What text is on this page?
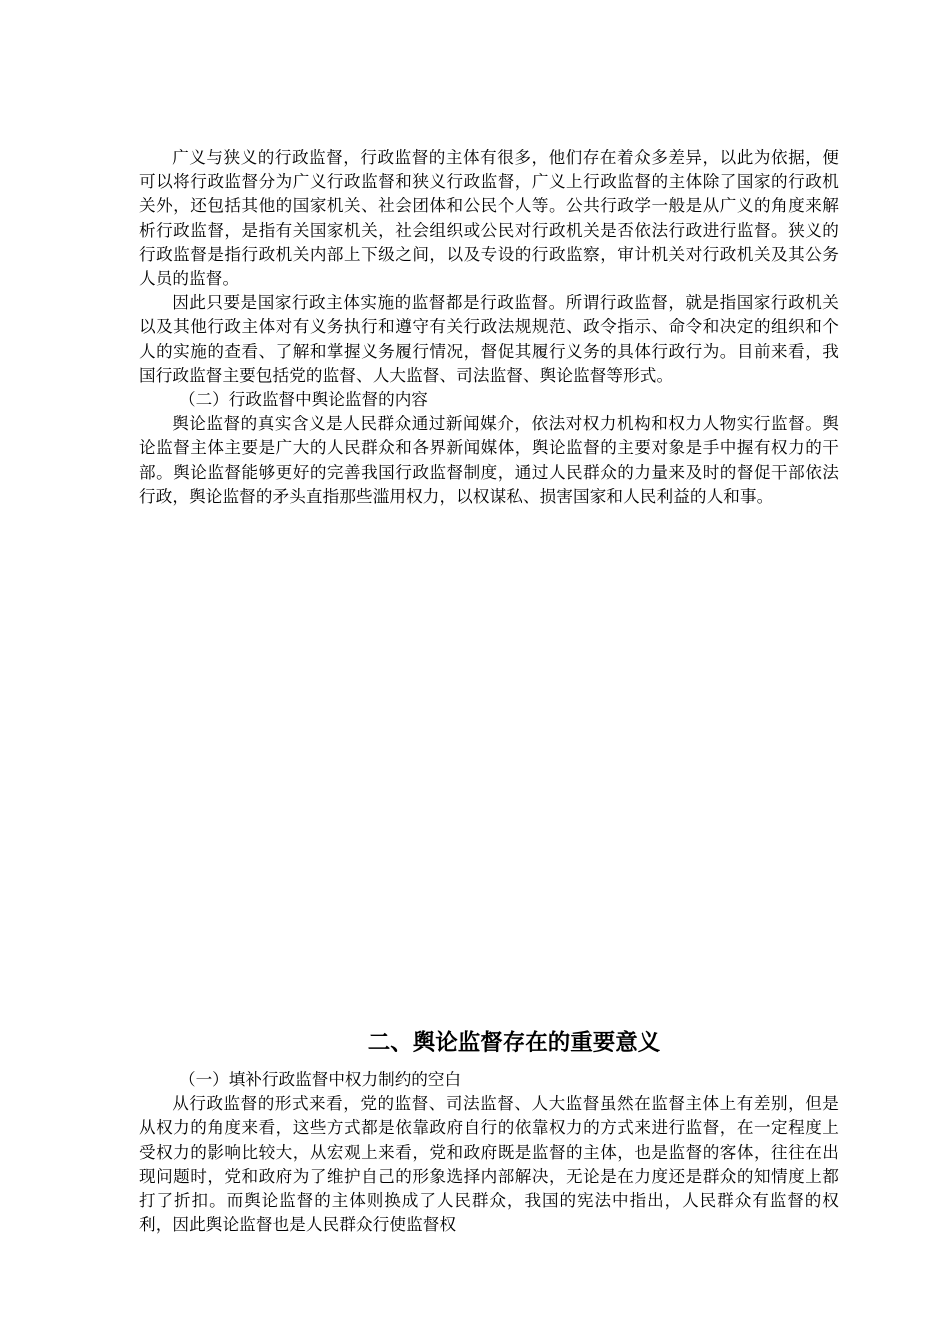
广义与狭义的行政监督，行政监督的主体有很多，他们存在着众多差异，以此为依据，便可以将行政监督分为广义行政监督和狭义行政监督，广义上行政监督的主体除了国家的行政机关外，还包括其他的国家机关、社会团体和公民个人等。公共行政学一般是从广义的角度来解析行政监督，是指有关国家机关，社会组织或公民对行政机关是否依法行政进行监督。狭义的行政监督是指行政机关内部上下级之间，以及专设的行政监察，审计机关对行政机关及其公务人员的监督。

因此只要是国家行政主体实施的监督都是行政监督。所谓行政监督，就是指国家行政机关以及其他行政主体对有义务执行和遵守有关行政法规规范、政令指示、命令和决定的组织和个人的实施的查看、了解和掌握义务履行情况，督促其履行义务的具体行政行为。目前来看，我国行政监督主要包括党的监督、人大监督、司法监督、舆论监督等形式。

（二）行政监督中舆论监督的内容

舆论监督的真实含义是人民群众通过新闻媒介，依法对权力机构和权力人物实行监督。舆论监督主体主要是广大的人民群众和各界新闻媒体，舆论监督的主要对象是手中握有权力的干部。舆论监督能够更好的完善我国行政监督制度，通过人民群众的力量来及时的督促干部依法行政，舆论监督的矛头直指那些滥用权力，以权谋私、损害国家和人民利益的人和事。

二、舆论监督存在的重要意义

（一）填补行政监督中权力制约的空白

从行政监督的形式来看，党的监督、司法监督、人大监督虽然在监督主体上有差别，但是从权力的角度来看，这些方式都是依靠政府自行的依靠权力的方式来进行监督，在一定程度上受权力的影响比较大，从宏观上来看，党和政府既是监督的主体，也是监督的客体，往往在出现问题时，党和政府为了维护自己的形象选择内部解决，无论是在力度还是群众的知情度上都打了折扣。而舆论监督的主体则换成了人民群众，我国的宪法中指出，人民群众有监督的权利，因此舆论监督也是人民群众行使监督权
